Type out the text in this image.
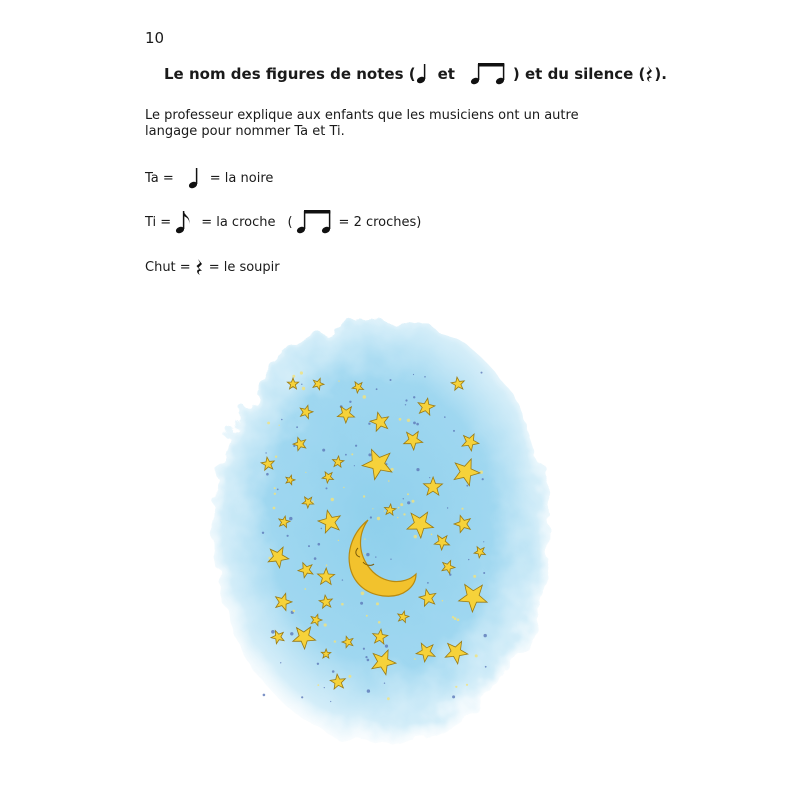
10
Le nom des figures de notes ( et	) et du silence ( ).
Le professeur explique aux enfants que les musiciens ont un autre langage pour nommer Ta et Ti.
Ta =	= la noire
Ti = = la croche (	= 2 croches)
Chut = = le soupir
